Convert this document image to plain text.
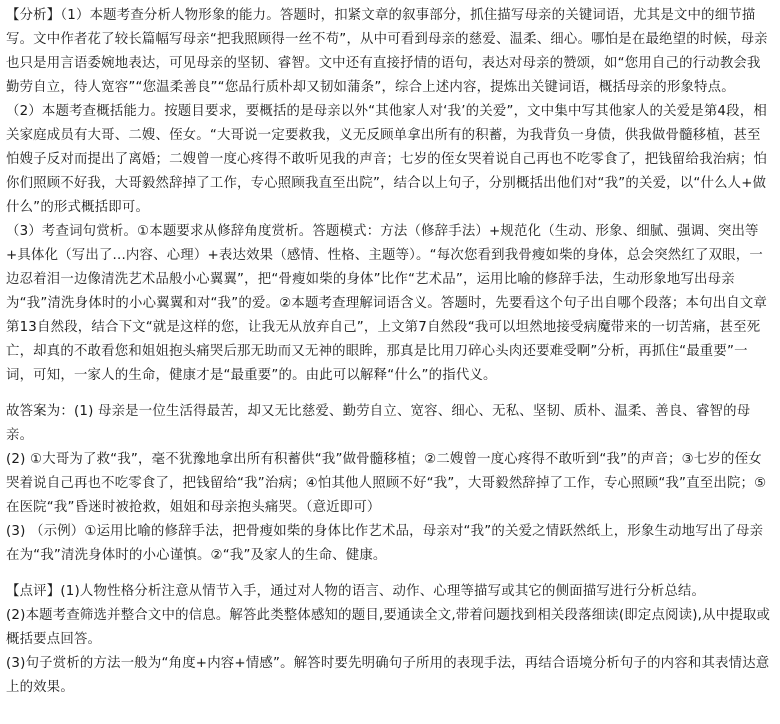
【分析】（1）本题考查分析人物形象的能力。答题时，扣紧文章的叙事部分，抓住描写母亲的关键词语，尤其是文中的细节描写。文中作者花了较长篇幅写母亲“把我照顾得一丝不苟”，从中可看到母亲的慈爱、温柔、细心。哪怕是在最绝望的时候，母亲也只是用言语委婉地表达，可见母亲的坚韧、睿智。文中还有直接抒情的语句，表达对母亲的赞颂，如“您用自己的行动教会我勤劳自立，待人宽容”“您温柔善良”“您品行质朴却又韧如蒲条”，综合上述内容，提炼出关键词语，概括母亲的形象特点。

（2）本题考查概括能力。按题目要求，要概括的是母亲以外“其他家人对‘我’的关爱”，文中集中写其他家人的关爱是第4段，相关家庭成员有大哥、二嫂、侄女。“大哥说一定要救我，义无反顾单拿出所有的积蓄，为我背负一身债，供我做骨髓移植，甚至怕嫂子反对而提出了离婚；二嫂曾一度心疼得不敢听见我的声音；七岁的侄女哭着说自己再也不吃零食了，把钱留给我治病；怕你们照顾不好我，大哥毅然辞掉了工作，专心照顾我直至出院”，结合以上句子，分别概括出他们对“我”的关爱，以“什么人+做什么”的形式概括即可。

（3）考查词句赏析。①本题要求从修辞角度赏析。答题模式：方法（修辞手法）+规范化（生动、形象、细腻、强调、突出等+具体化（写出了...内容、心理）+表达效果（感情、性格、主题等）。“每次您看到我骨瘦如柴的身体，总会突然红了双眼，一边忍着泪一边像清洗艺术品般小心翼翼”，把“骨瘦如柴的身体”比作“艺术品”，运用比喻的修辞手法，生动形象地写出母亲为“我”清洗身体时的小心翼翼和对“我”的爱。②本题考查理解词语含义。答题时，先要看这个句子出自哪个段落；本句出自文章第13自然段，结合下文“就是这样的您，让我无从放弃自己”，上文第7自然段“我可以坦然地接受病魔带来的一切苦痛，甚至死亡，却真的不敢看您和姐姐抱头痛哭后那无助而又无神的眼眸，那真是比用刀碎心头肉还要难受啊”分析，再抓住“最重要”一词，可知，一家人的生命，健康才是“最重要”的。由此可以解释“什么”的指代义。

故答案为：(1) 母亲是一位生活得最苦，却又无比慈爱、勤劳自立、宽容、细心、无私、坚韧、质朴、温柔、善良、睿智的母亲。

(2) ①大哥为了救“我”，毫不犹豫地拿出所有积蓄供“我”做骨髓移植；②二嫂曾一度心疼得不敢听到“我”的声音；③七岁的侄女哭着说自己再也不吃零食了，把钱留给“我”治病；④怕其他人照顾不好“我”，大哥毅然辞掉了工作，专心照顾“我”直至出院；⑤在医院“我”昏迷时被抢救，姐姐和母亲抱头痛哭。（意近即可）

(3) （示例）①运用比喻的修辞手法，把骨瘦如柴的身体比作艺术品，母亲对“我”的关爱之情跃然纸上，形象生动地写出了母亲在为“我”清洗身体时的小心谨慎。②“我”及家人的生命、健康。

【点评】(1)人物性格分析注意从情节入手，通过对人物的语言、动作、心理等描写或其它的侧面描写进行分析总结。

(2)本题考查筛选并整合文中的信息。解答此类整体感知的题目,要通读全文,带着问题找到相关段落细读(即定点阅读),从中提取或概括要点回答。

(3)句子赏析的方法一般为“角度+内容+情感”。解答时要先明确句子所用的表现手法，再结合语境分析句子的内容和其表情达意上的效果。
